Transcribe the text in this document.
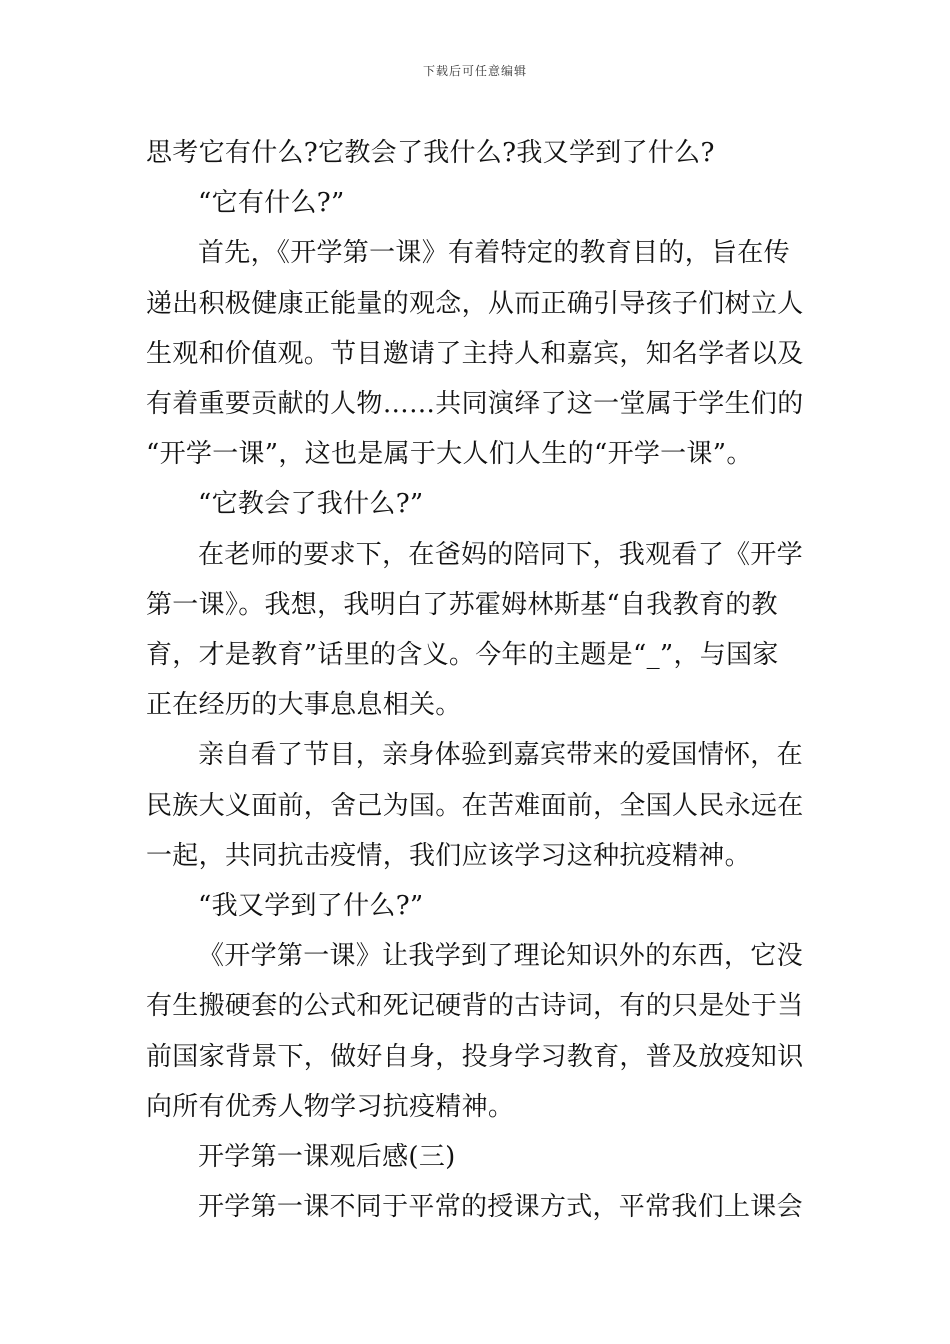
下载后可任意编辑

思考它有什么?它教会了我什么?我又学到了什么?

“它有什么?”

首先，《开学第一课》有着特定的教育目的，旨在传

递出积极健康正能量的观念，从而正确引导孩子们树立人

生观和价值观。节目邀请了主持人和嘉宾，知名学者以及

有着重要贡献的人物……共同演绎了这一堂属于学生们的

“开学一课”，这也是属于大人们人生的“开学一课”。

“它教会了我什么?”

在老师的要求下，在爸妈的陪同下，我观看了《开学

第一课》。我想，我明白了苏霍姆林斯基“自我教育的教

育，才是教育”话里的含义。今年的主题是“_”，与国家

正在经历的大事息息相关。

亲自看了节目，亲身体验到嘉宾带来的爱国情怀，在

民族大义面前，舍己为国。在苦难面前，全国人民永远在

一起，共同抗击疫情，我们应该学习这种抗疫精神。

“我又学到了什么?”

《开学第一课》让我学到了理论知识外的东西，它没

有生搬硬套的公式和死记硬背的古诗词，有的只是处于当

前国家背景下，做好自身，投身学习教育，普及放疫知识

向所有优秀人物学习抗疫精神。

开学第一课观后感(三)

开学第一课不同于平常的授课方式，平常我们上课会
